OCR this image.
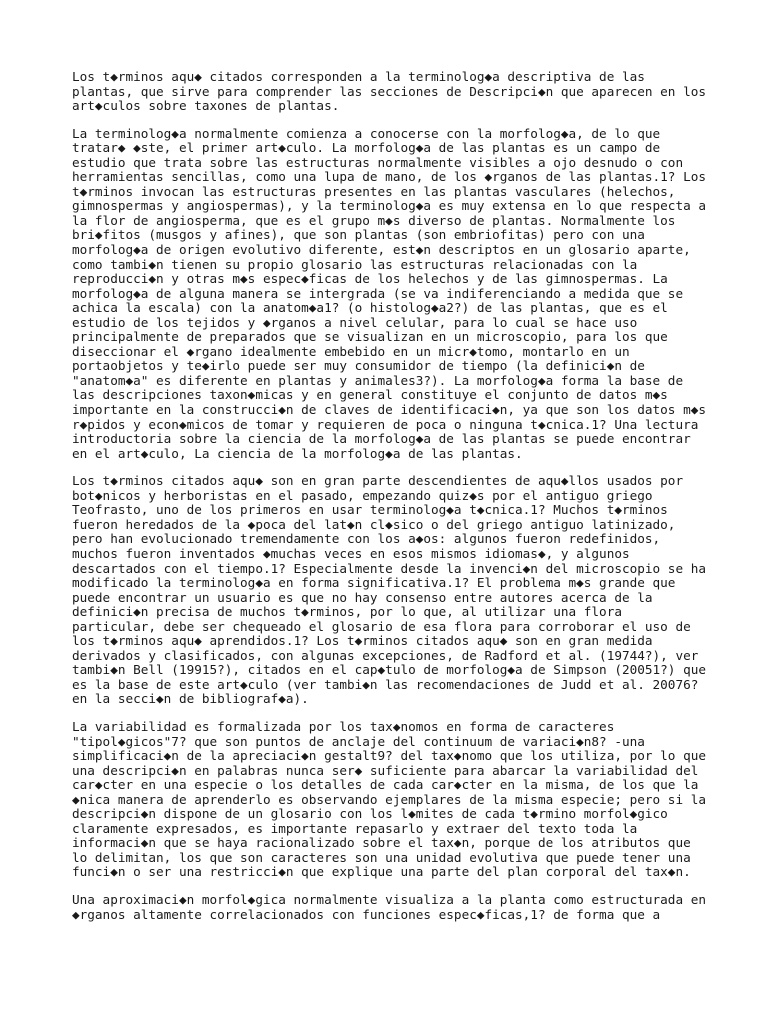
Los t◆rminos aqu◆ citados corresponden a la terminolog◆a descriptiva de las
plantas, que sirve para comprender las secciones de Descripci◆n que aparecen en los
art◆culos sobre taxones de plantas.
La terminolog◆a normalmente comienza a conocerse con la morfolog◆a, de lo que
tratar◆ ◆ste, el primer art◆culo. La morfolog◆a de las plantas es un campo de
estudio que trata sobre las estructuras normalmente visibles a ojo desnudo o con
herramientas sencillas, como una lupa de mano, de los ◆rganos de las plantas.1? Los
t◆rminos invocan las estructuras presentes en las plantas vasculares (helechos,
gimnospermas y angiospermas), y la terminolog◆a es muy extensa en lo que respecta a
la flor de angiosperma, que es el grupo m◆s diverso de plantas. Normalmente los
bri◆fitos (musgos y afines), que son plantas (son embriofitas) pero con una
morfolog◆a de origen evolutivo diferente, est◆n descriptos en un glosario aparte,
como tambi◆n tienen su propio glosario las estructuras relacionadas con la
reproducci◆n y otras m◆s espec◆ficas de los helechos y de las gimnospermas. La
morfolog◆a de alguna manera se intergrada (se va indiferenciando a medida que se
achica la escala) con la anatom◆a1? (o histolog◆a2?) de las plantas, que es el
estudio de los tejidos y ◆rganos a nivel celular, para lo cual se hace uso
principalmente de preparados que se visualizan en un microscopio, para los que
diseccionar el ◆rgano idealmente embebido en un micr◆tomo, montarlo en un
portaobjetos y te◆irlo puede ser muy consumidor de tiempo (la definici◆n de
"anatom◆a" es diferente en plantas y animales3?). La morfolog◆a forma la base de
las descripciones taxon◆micas y en general constituye el conjunto de datos m◆s
importante en la construcci◆n de claves de identificaci◆n, ya que son los datos m◆s
r◆pidos y econ◆micos de tomar y requieren de poca o ninguna t◆cnica.1? Una lectura
introductoria sobre la ciencia de la morfolog◆a de las plantas se puede encontrar
en el art◆culo, La ciencia de la morfolog◆a de las plantas.
Los t◆rminos citados aqu◆ son en gran parte descendientes de aqu◆llos usados por
bot◆nicos y herboristas en el pasado, empezando quiz◆s por el antiguo griego
Teofrasto, uno de los primeros en usar terminolog◆a t◆cnica.1? Muchos t◆rminos
fueron heredados de la ◆poca del lat◆n cl◆sico o del griego antiguo latinizado,
pero han evolucionado tremendamente con los a◆os: algunos fueron redefinidos,
muchos fueron inventados ◆muchas veces en esos mismos idiomas◆, y algunos
descartados con el tiempo.1? Especialmente desde la invenci◆n del microscopio se ha
modificado la terminolog◆a en forma significativa.1? El problema m◆s grande que
puede encontrar un usuario es que no hay consenso entre autores acerca de la
definici◆n precisa de muchos t◆rminos, por lo que, al utilizar una flora
particular, debe ser chequeado el glosario de esa flora para corroborar el uso de
los t◆rminos aqu◆ aprendidos.1? Los t◆rminos citados aqu◆ son en gran medida
derivados y clasificados, con algunas excepciones, de Radford et al. (19744?), ver
tambi◆n Bell (19915?), citados en el cap◆tulo de morfolog◆a de Simpson (20051?) que
es la base de este art◆culo (ver tambi◆n las recomendaciones de Judd et al. 20076?
en la secci◆n de bibliograf◆a).
La variabilidad es formalizada por los tax◆nomos en forma de caracteres
"tipol◆gicos"7? que son puntos de anclaje del continuum de variaci◆n8? -una
simplificaci◆n de la apreciaci◆n gestalt9? del tax◆nomo que los utiliza, por lo que
una descripci◆n en palabras nunca ser◆ suficiente para abarcar la variabilidad del
car◆cter en una especie o los detalles de cada car◆cter en la misma, de los que la
◆nica manera de aprenderlo es observando ejemplares de la misma especie; pero si la
descripci◆n dispone de un glosario con los l◆mites de cada t◆rmino morfol◆gico
claramente expresados, es importante repasarlo y extraer del texto toda la
informaci◆n que se haya racionalizado sobre el tax◆n, porque de los atributos que
lo delimitan, los que son caracteres son una unidad evolutiva que puede tener una
funci◆n o ser una restricci◆n que explique una parte del plan corporal del tax◆n.
Una aproximaci◆n morfol◆gica normalmente visualiza a la planta como estructurada en
◆rganos altamente correlacionados con funciones espec◆ficas,1? de forma que a
